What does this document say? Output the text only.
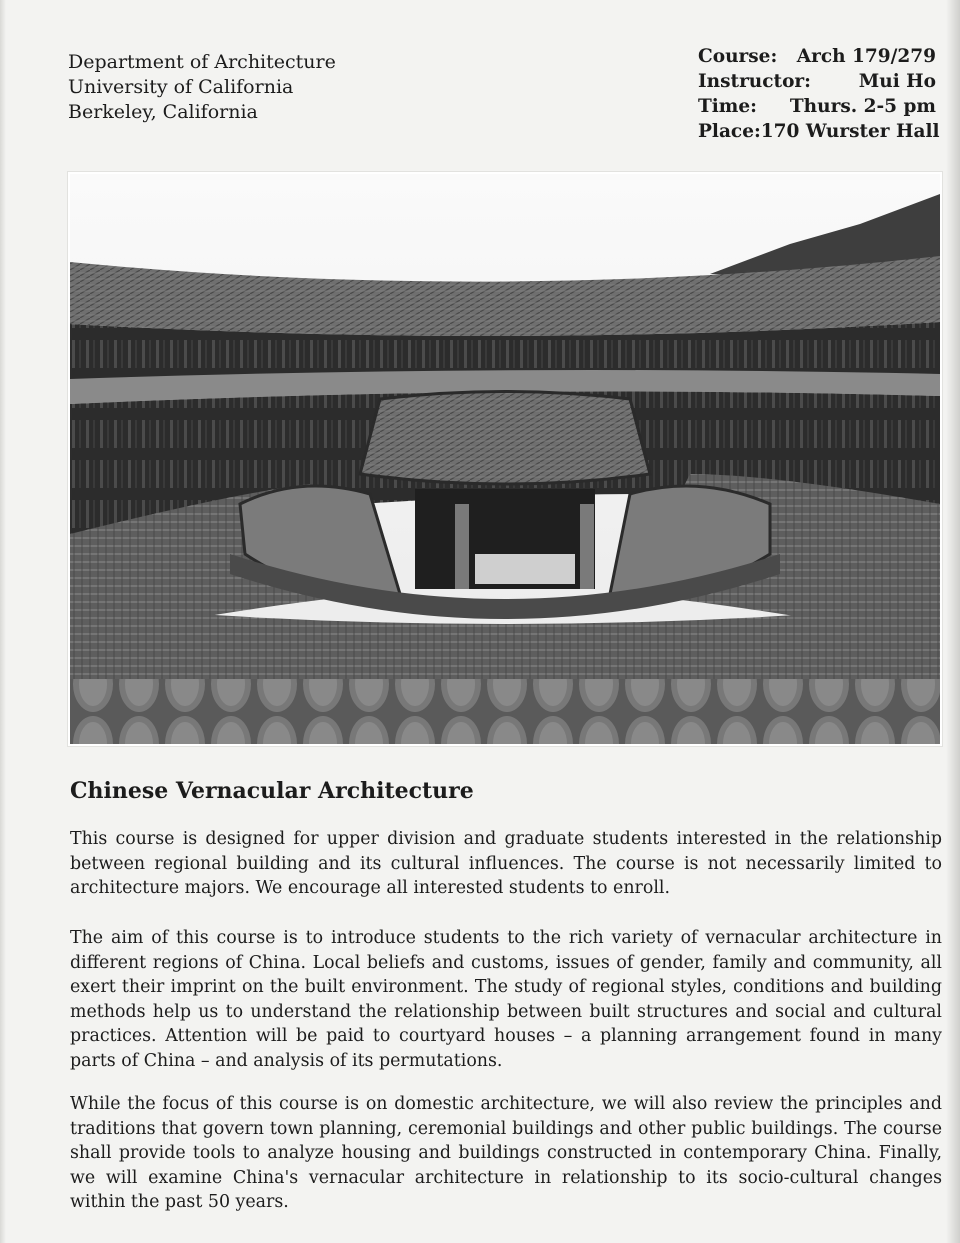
Department of Architecture
University of California
Berkeley, California
Course: Arch 179/279
Instructor:	Mui Ho
Time: Thurs. 2-5 pm
Place: 170 Wurster Hall
Chinese Vernacular Architecture
This course is designed for upper division and graduate students interested in the relationship between regional building and its cultural influences. The course is not necessarily limited to architecture majors. We encourage all interested students to enroll.
The aim of this course is to introduce students to the rich variety of vernacular architecture in different regions of China. Local beliefs and customs, issues of gender, family and community, all exert their imprint on the built environment. The study of regional styles, conditions and building methods help us to understand the relationship between built structures and social and cultural practices. Attention will be paid to courtyard houses – a planning arrangement found in many parts of China – and analysis of its permutations.
While the focus of this course is on domestic architecture, we will also review the principles and traditions that govern town planning, ceremonial buildings and other public buildings. The course shall provide tools to analyze housing and buildings constructed in contemporary China. Finally, we will examine China's vernacular architecture in relationship to its socio-cultural changes within the past 50 years.
